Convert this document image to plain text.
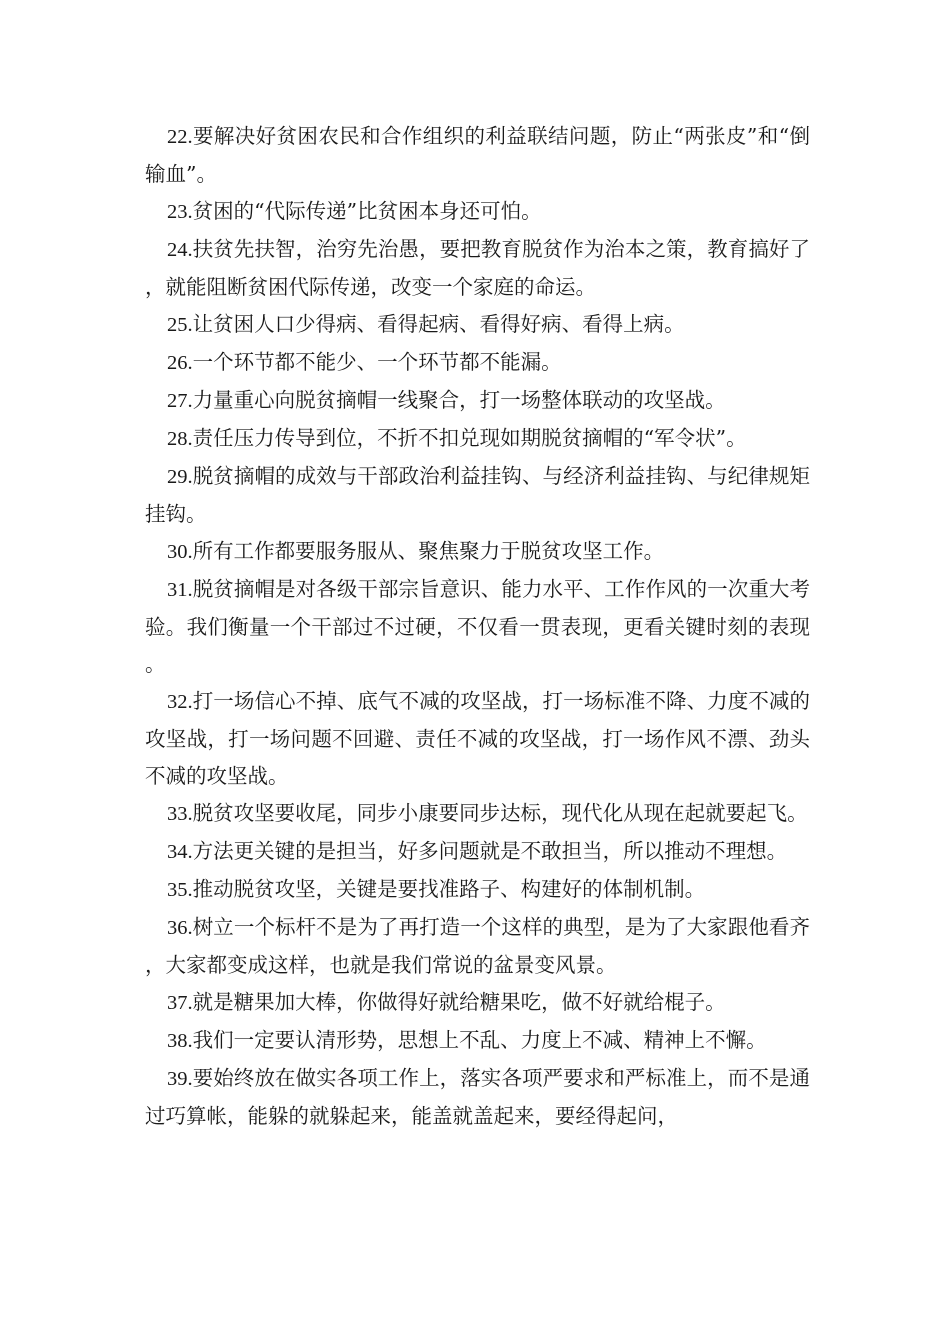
22.要解决好贫困农民和合作组织的利益联结问题，防止“两张皮”和“倒输血”。

23.贫困的“代际传递”比贫困本身还可怕。

24.扶贫先扶智，治穷先治愚，要把教育脱贫作为治本之策，教育搞好了，就能阻断贫困代际传递，改变一个家庭的命运。

25.让贫困人口少得病、看得起病、看得好病、看得上病。

26.一个环节都不能少、一个环节都不能漏。

27.力量重心向脱贫摘帽一线聚合，打一场整体联动的攻坚战。

28.责任压力传导到位，不折不扣兑现如期脱贫摘帽的“军令状”。

29.脱贫摘帽的成效与干部政治利益挂钩、与经济利益挂钩、与纪律规矩挂钩。

30.所有工作都要服务服从、聚焦聚力于脱贫攻坚工作。

31.脱贫摘帽是对各级干部宗旨意识、能力水平、工作作风的一次重大考验。我们衡量一个干部过不过硬，不仅看一贯表现，更看关键时刻的表现。

32.打一场信心不掉、底气不减的攻坚战，打一场标准不降、力度不减的攻坚战，打一场问题不回避、责任不减的攻坚战，打一场作风不漂、劲头不减的攻坚战。

33.脱贫攻坚要收尾，同步小康要同步达标，现代化从现在起就要起飞。

34.方法更关键的是担当，好多问题就是不敢担当，所以推动不理想。

35.推动脱贫攻坚，关键是要找准路子、构建好的体制机制。

36.树立一个标杆不是为了再打造一个这样的典型，是为了大家跟他看齐，大家都变成这样，也就是我们常说的盆景变风景。

37.就是糖果加大棒，你做得好就给糖果吃，做不好就给棍子。

38.我们一定要认清形势，思想上不乱、力度上不减、精神上不懈。

39.要始终放在做实各项工作上，落实各项严要求和严标准上，而不是通过巧算帐，能躲的就躲起来，能盖就盖起来，要经得起问，
